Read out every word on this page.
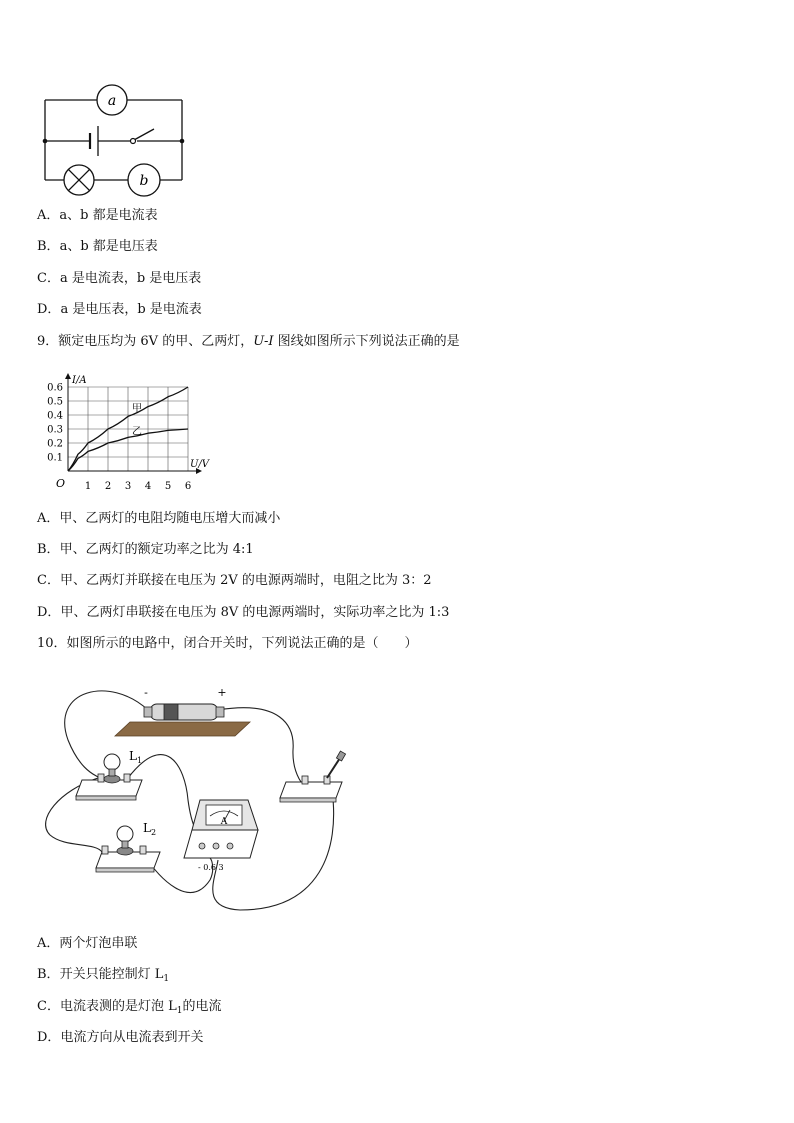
a
b
A．a、b 都是电流表
B．a、b 都是电压表
C．a 是电流表，b 是电压表
D．a 是电压表，b 是电流表
9．额定电压均为 6V 的甲、乙两灯，U-I 图线如图所示下列说法正确的是
1 2 3 4 5 6
0.1
0.2
0.3
0.4
0.5
0.6
I/A
U/V
O
甲
乙
A．甲、乙两灯的电阻均随电压增大而减小
B．甲、乙两灯的额定功率之比为 4:1
C．甲、乙两灯并联接在电压为 2V 的电源两端时，电阻之比为 3：2
D．甲、乙两灯串联接在电压为 8V 的电源两端时，实际功率之比为 1:3
10．如图所示的电路中，闭合开关时，下列说法正确的是（　　）
-	+
$L_1$
$L_2$
A
- 0.6 3
A．两个灯泡串联
B．开关只能控制灯 $L_1$
C．电流表测的是灯泡 $L_1$的电流
D．电流方向从电流表到开关
